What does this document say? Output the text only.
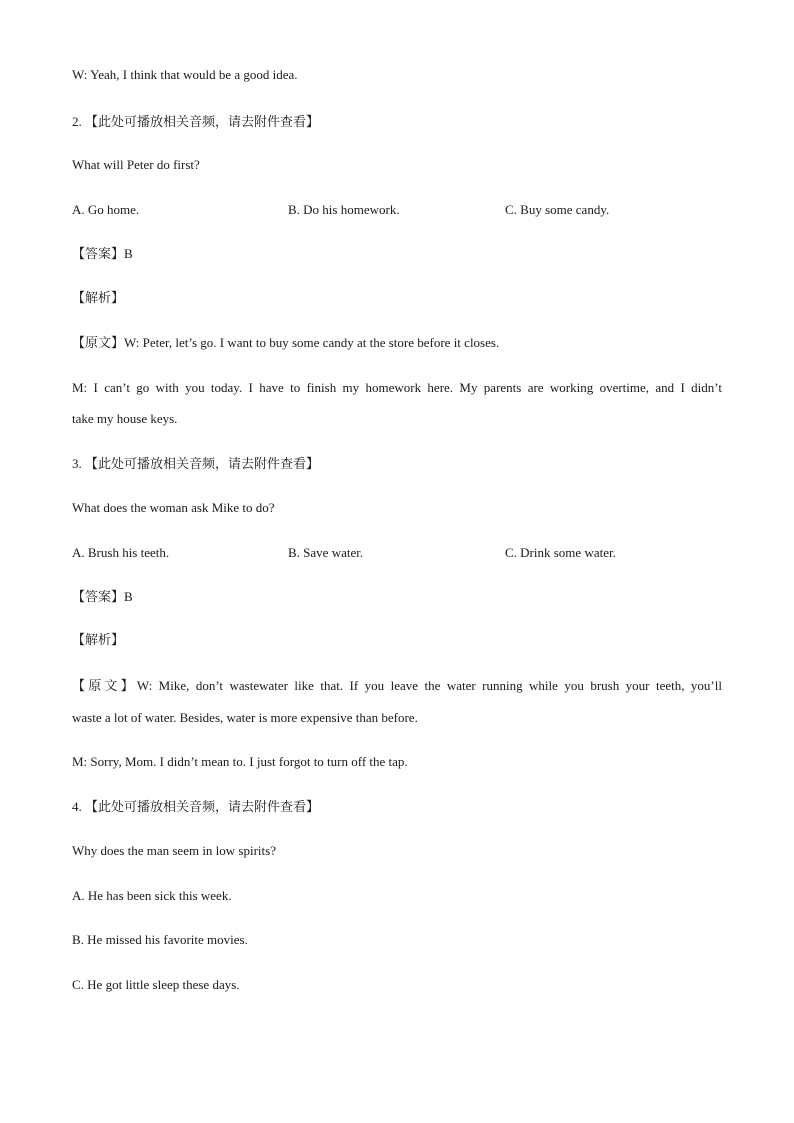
W: Yeah, I think that would be a good idea.
2. 【此处可播放相关音频，请去附件查看】
What will Peter do first?
A. Go home.	B. Do his homework.	C. Buy some candy.
【答案】B
【解析】
【原文】W: Peter, let’s go. I want to buy some candy at the store before it closes.
M: I can’t go with you today. I have to finish my homework here. My parents are working overtime, and I didn’t
take my house keys.
3. 【此处可播放相关音频，请去附件查看】
What does the woman ask Mike to do?
A. Brush his teeth.	B. Save water.	C. Drink some water.
【答案】B
【解析】
【原文】W: Mike, don’t wastewater like that. If you leave the water running while you brush your teeth, you’ll
waste a lot of water. Besides, water is more expensive than before.
M: Sorry, Mom. I didn’t mean to. I just forgot to turn off the tap.
4. 【此处可播放相关音频，请去附件查看】
Why does the man seem in low spirits?
A. He has been sick this week.
B. He missed his favorite movies.
C. He got little sleep these days.
